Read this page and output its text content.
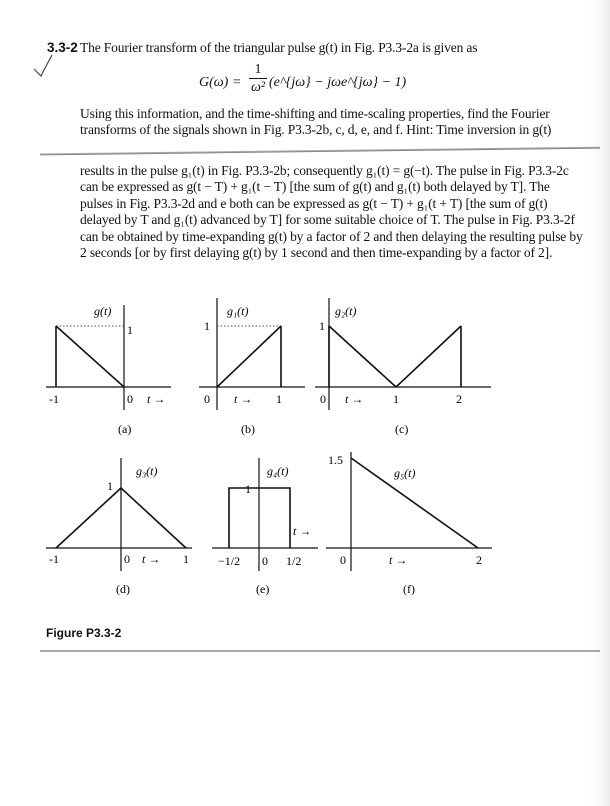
3.3-2 The Fourier transform of the triangular pulse g(t) in Fig. P3.3-2a is given as
G(ω) =
1
ω² (e^{jω} − jωe^{jω} − 1)
Using this information, and the time-shifting and time-scaling properties, find the Fourier
transforms of the signals shown in Fig. P3.3-2b, c, d, e, and f. Hint: Time inversion in g(t)
results in the pulse g₁(t) in Fig. P3.3-2b; consequently g₁(t) = g(−t). The pulse in Fig. P3.3-2c
can be expressed as g(t − T) + g₁(t − T) [the sum of g(t) and g₁(t) both delayed by T]. The
pulses in Fig. P3.3-2d and e both can be expressed as g(t − T) + g₁(t + T) [the sum of g(t)
delayed by T and g₁(t) advanced by T] for some suitable choice of T. The pulse in Fig. P3.3-2f
can be obtained by time-expanding g(t) by a factor of 2 and then delaying the resulting pulse by
2 seconds [or by first delaying g(t) by 1 second and then time-expanding by a factor of 2].
g(t)
1
-1	0 t →
(a)
g₁(t)
1
0	1
t →
(b)
g₂(t)
1
0	1	2
t →
(c)
g₃(t)
1
-1	0	1
t →
(d)
g₄(t)
1
t →
0
−1/2	1/2
(e)
g₅(t)
1.5
0	2
t →
(f)
Figure P3.3-2
